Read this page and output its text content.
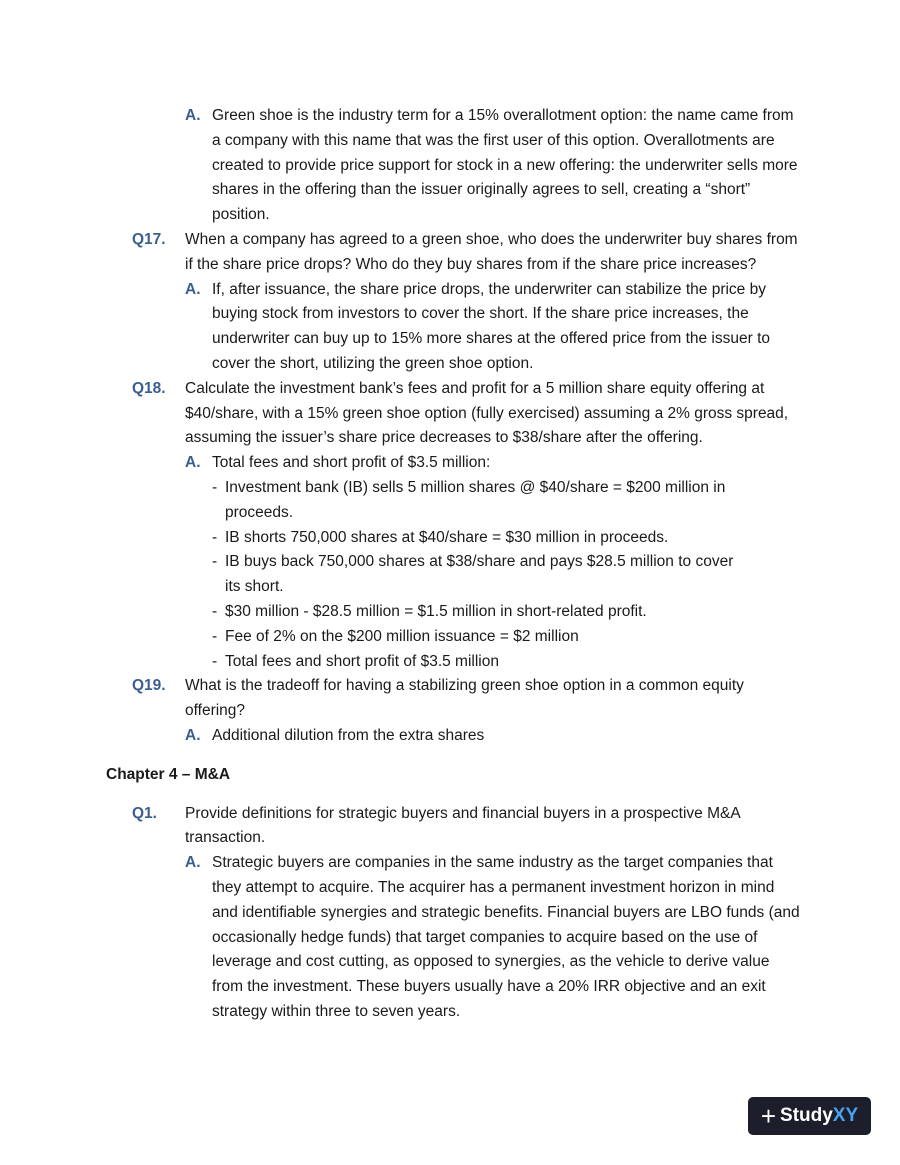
A. Green shoe is the industry term for a 15% overallotment option: the name came from a company with this name that was the first user of this option. Overallotments are created to provide price support for stock in a new offering: the underwriter sells more shares in the offering than the issuer originally agrees to sell, creating a “short” position.

Q17. When a company has agreed to a green shoe, who does the underwriter buy shares from if the share price drops? Who do they buy shares from if the share price increases?

A. If, after issuance, the share price drops, the underwriter can stabilize the price by buying stock from investors to cover the short. If the share price increases, the underwriter can buy up to 15% more shares at the offered price from the issuer to cover the short, utilizing the green shoe option.

Q18. Calculate the investment bank’s fees and profit for a 5 million share equity offering at $40/share, with a 15% green shoe option (fully exercised) assuming a 2% gross spread, assuming the issuer’s share price decreases to $38/share after the offering.

A. Total fees and short profit of $3.5 million:

- Investment bank (IB) sells 5 million shares @ $40/share = $200 million in proceeds.
- IB shorts 750,000 shares at $40/share = $30 million in proceeds.
- IB buys back 750,000 shares at $38/share and pays $28.5 million to cover its short.
- $30 million - $28.5 million = $1.5 million in short-related profit.
- Fee of 2% on the $200 million issuance = $2 million
- Total fees and short profit of $3.5 million
Q19. What is the tradeoff for having a stabilizing green shoe option in a common equity offering?

A. Additional dilution from the extra shares

Chapter 4 – M&A
Q1. Provide definitions for strategic buyers and financial buyers in a prospective M&A transaction.

A. Strategic buyers are companies in the same industry as the target companies that they attempt to acquire. The acquirer has a permanent investment horizon in mind and identifiable synergies and strategic benefits. Financial buyers are LBO funds (and occasionally hedge funds) that target companies to acquire based on the use of leverage and cost cutting, as opposed to synergies, as the vehicle to derive value from the investment. These buyers usually have a 20% IRR objective and an exit strategy within three to seven years.

+ Study XY
